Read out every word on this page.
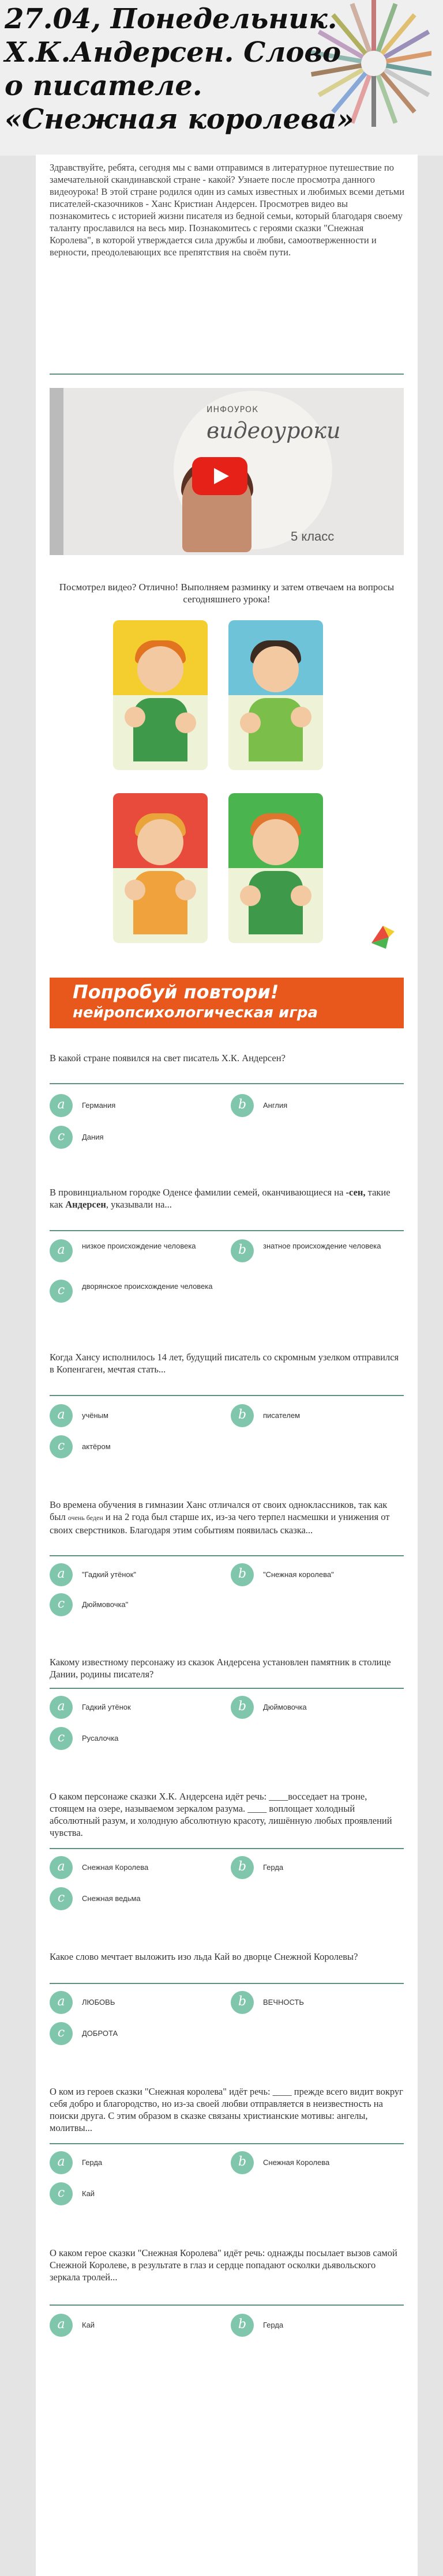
27.04, Понедельник. Х.К.Андерсен. Слово о писателе. «Снежная королева»

Здравствуйте, ребята, сегодня мы с вами отправимся в литературное путешествие по замечательной скандинавской стране - какой? Узнаете после просмотра данного видеоурока! В этой стране родился один из самых известных и любимых всеми детьми писателей-сказочников - Ханс Кристиан Андерсен. Просмотрев видео вы познакомитесь с историей жизни писателя из бедной семьи, который благодаря своему таланту прославился на весь мир. Познакомитесь с героями сказки "Снежная Королева", в которой утверждается сила дружбы и любви, самоотверженности и верности, преодолевающих все препятствия на своём пути.

ИНФОУРОК
видеоуроки
5 класс

Посмотрел видео? Отлично! Выполняем разминку и затем отвечаем на вопросы сегодняшнего урока!

Попробуй повтори!
нейропсихологическая игра

В какой стране появился на свет писатель Х.К. Андерсен?

a	Германия	b	Англия
c	Дания

В провинциальном городке Оденсе фамилии семей, оканчивающиеся на -сен, такие как Андерсен, указывали на...

a	низкое происхождение человека	b	знатное происхождение человека
c	дворянское происхождение человека

Когда Хансу исполнилось 14 лет, будущий писатель со скромным узелком отправился в Копенгаген, мечтая стать...

a	учёным	b	писателем
c	актёром

Во времена обучения в гимназии Ханс отличался от своих одноклассников, так как был очень беден и на 2 года был старше их, из-за чего терпел насмешки и унижения от своих сверстников. Благодаря этим событиям появилась сказка...

a	"Гадкий утёнок"	b	"Снежная королева"
c	Дюймовочка"

Какому известному персонажу из сказок Андерсена установлен памятник в столице Дании, родины писателя?

a	Гадкий утёнок	b	Дюймовочка
c	Русалочка

О каком персонаже сказки Х.К. Андерсена идёт речь: ____восседает на троне, стоящем на озере, называемом зеркалом разума. ____ воплощает холодный абсолютный разум, и холодную абсолютную красоту, лишённую любых проявлений чувства.

a	Снежная Королева	b	Герда
c	Снежная ведьма

Какое слово мечтает выложить изо льда Кай во дворце Снежной Королевы?

a	ЛЮБОВЬ	b	ВЕЧНОСТЬ
c	ДОБРОТА

О ком из героев сказки "Снежная королева" идёт речь: ____ прежде всего видит вокруг себя добро и благородство, но из-за своей любви отправляется в неизвестность на поиски друга. С этим образом в сказке связаны христианские мотивы: ангелы, молитвы...

a	Герда	b	Снежная Королева
c	Кай

О каком герое сказки "Снежная Королева" идёт речь: однажды посылает вызов самой Снежной Королеве, в результате в глаз и сердце попадают осколки дьявольского зеркала тролей...

a	Кай	b	Герда
